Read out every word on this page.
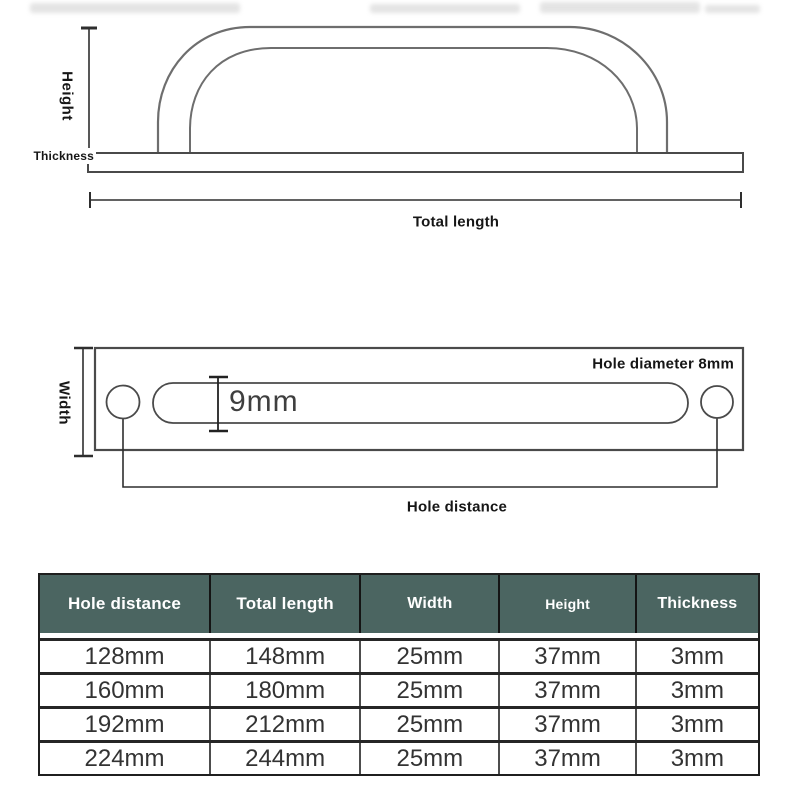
Height
Thickness
Total length
Width	9mm
Hole diameter 8mm
Hole distance
Hole distance	Total length	Width	Height	Thickness
128mm	148mm	25mm	37mm	3mm
160mm	180mm	25mm	37mm	3mm
192mm	212mm	25mm	37mm	3mm
224mm	244mm	25mm	37mm	3mm
